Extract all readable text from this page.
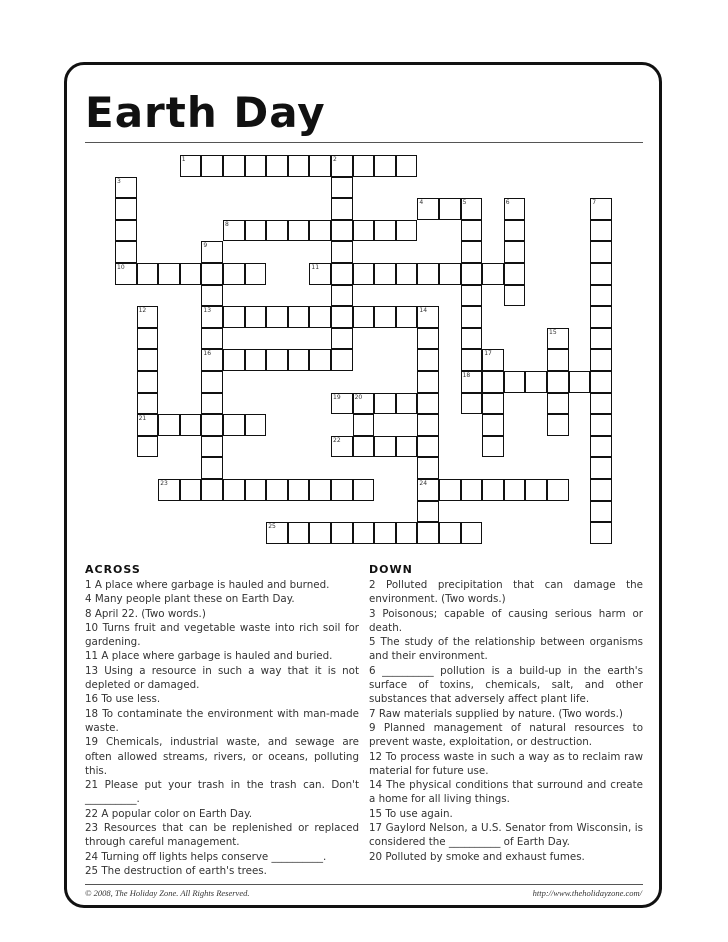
Earth Day
1
3
2
4	5	6	7
8
9
10	11
12	13	14
15
16	17
18
19 20
21
22
23	24
25
ACROSS

1 A place where garbage is hauled and burned.

4 Many people plant these on Earth Day.

8 April 22. (Two words.)

10 Turns fruit and vegetable waste into rich soil for gardening.

11 A place where garbage is hauled and buried.

13 Using a resource in such a way that it is not depleted or damaged.

16 To use less.

18 To contaminate the environment with man-made waste.

19 Chemicals, industrial waste, and sewage are often allowed streams, rivers, or oceans, polluting this.

21 Please put your trash in the trash can. Don't __________.

22 A popular color on Earth Day.

23 Resources that can be replenished or replaced through careful management.

24 Turning off lights helps conserve __________.

25 The destruction of earth's trees.

DOWN

2 Polluted precipitation that can damage the environment. (Two words.)

3 Poisonous; capable of causing serious harm or death.

5 The study of the relationship between organisms and their environment.

6 __________ pollution is a build-up in the earth's surface of toxins, chemicals, salt, and other substances that adversely affect plant life.

7 Raw materials supplied by nature. (Two words.)

9 Planned management of natural resources to prevent waste, exploitation, or destruction.

12 To process waste in such a way as to reclaim raw material for future use.

14 The physical conditions that surround and create a home for all living things.

15 To use again.

17 Gaylord Nelson, a U.S. Senator from Wisconsin, is considered the __________ of Earth Day.

20 Polluted by smoke and exhaust fumes.

© 2008, The Holiday Zone. All Rights Reserved.	http://www.theholidayzone.com/
